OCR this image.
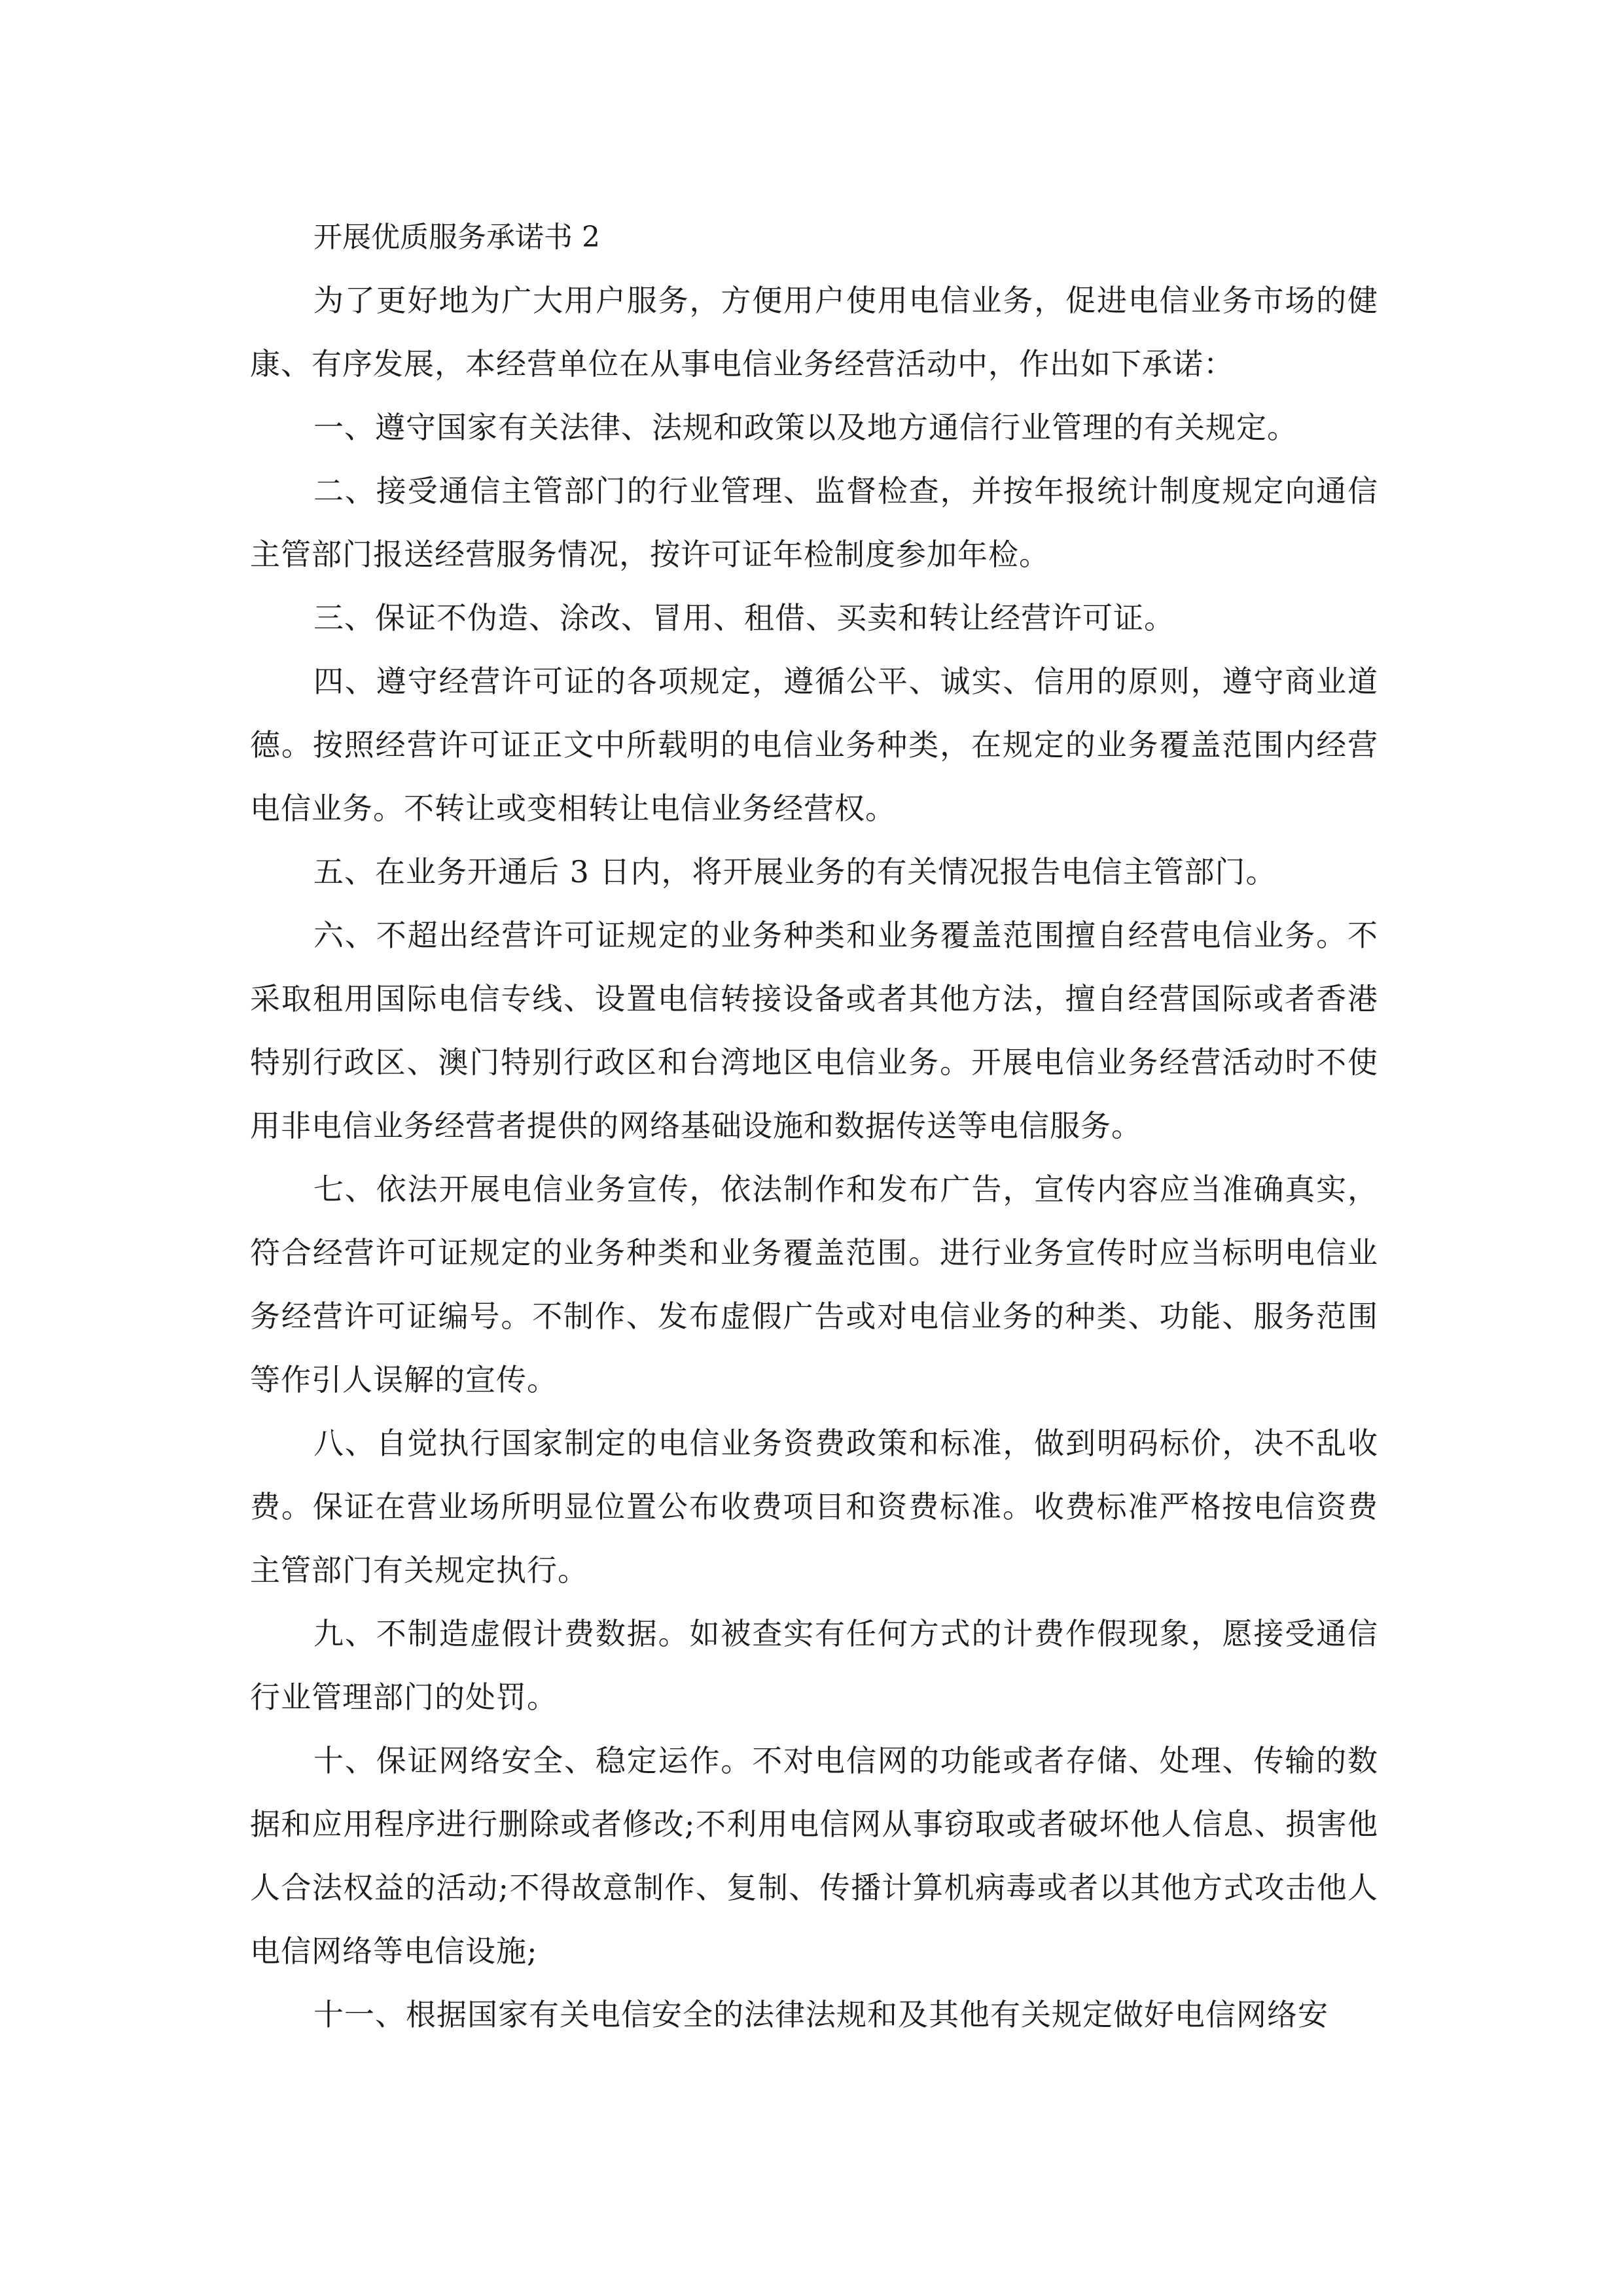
开展优质服务承诺书 2

为了更好地为广大用户服务，方便用户使用电信业务，促进电信业务市场的健康、有序发展，本经营单位在从事电信业务经营活动中，作出如下承诺：

一、遵守国家有关法律、法规和政策以及地方通信行业管理的有关规定。

二、接受通信主管部门的行业管理、监督检查，并按年报统计制度规定向通信主管部门报送经营服务情况，按许可证年检制度参加年检。

三、保证不伪造、涂改、冒用、租借、买卖和转让经营许可证。

四、遵守经营许可证的各项规定，遵循公平、诚实、信用的原则，遵守商业道德。按照经营许可证正文中所载明的电信业务种类，在规定的业务覆盖范围内经营电信业务。不转让或变相转让电信业务经营权。

五、在业务开通后 3 日内，将开展业务的有关情况报告电信主管部门。

六、不超出经营许可证规定的业务种类和业务覆盖范围擅自经营电信业务。不采取租用国际电信专线、设置电信转接设备或者其他方法，擅自经营国际或者香港特别行政区、澳门特别行政区和台湾地区电信业务。开展电信业务经营活动时不使用非电信业务经营者提供的网络基础设施和数据传送等电信服务。

七、依法开展电信业务宣传，依法制作和发布广告，宣传内容应当准确真实，符合经营许可证规定的业务种类和业务覆盖范围。进行业务宣传时应当标明电信业务经营许可证编号。不制作、发布虚假广告或对电信业务的种类、功能、服务范围等作引人误解的宣传。

八、自觉执行国家制定的电信业务资费政策和标准，做到明码标价，决不乱收费。保证在营业场所明显位置公布收费项目和资费标准。收费标准严格按电信资费主管部门有关规定执行。

九、不制造虚假计费数据。如被查实有任何方式的计费作假现象，愿接受通信行业管理部门的处罚。

十、保证网络安全、稳定运作。不对电信网的功能或者存储、处理、传输的数据和应用程序进行删除或者修改;不利用电信网从事窃取或者破坏他人信息、损害他人合法权益的活动;不得故意制作、复制、传播计算机病毒或者以其他方式攻击他人电信网络等电信设施;

十一、根据国家有关电信安全的法律法规和及其他有关规定做好电信网络安
